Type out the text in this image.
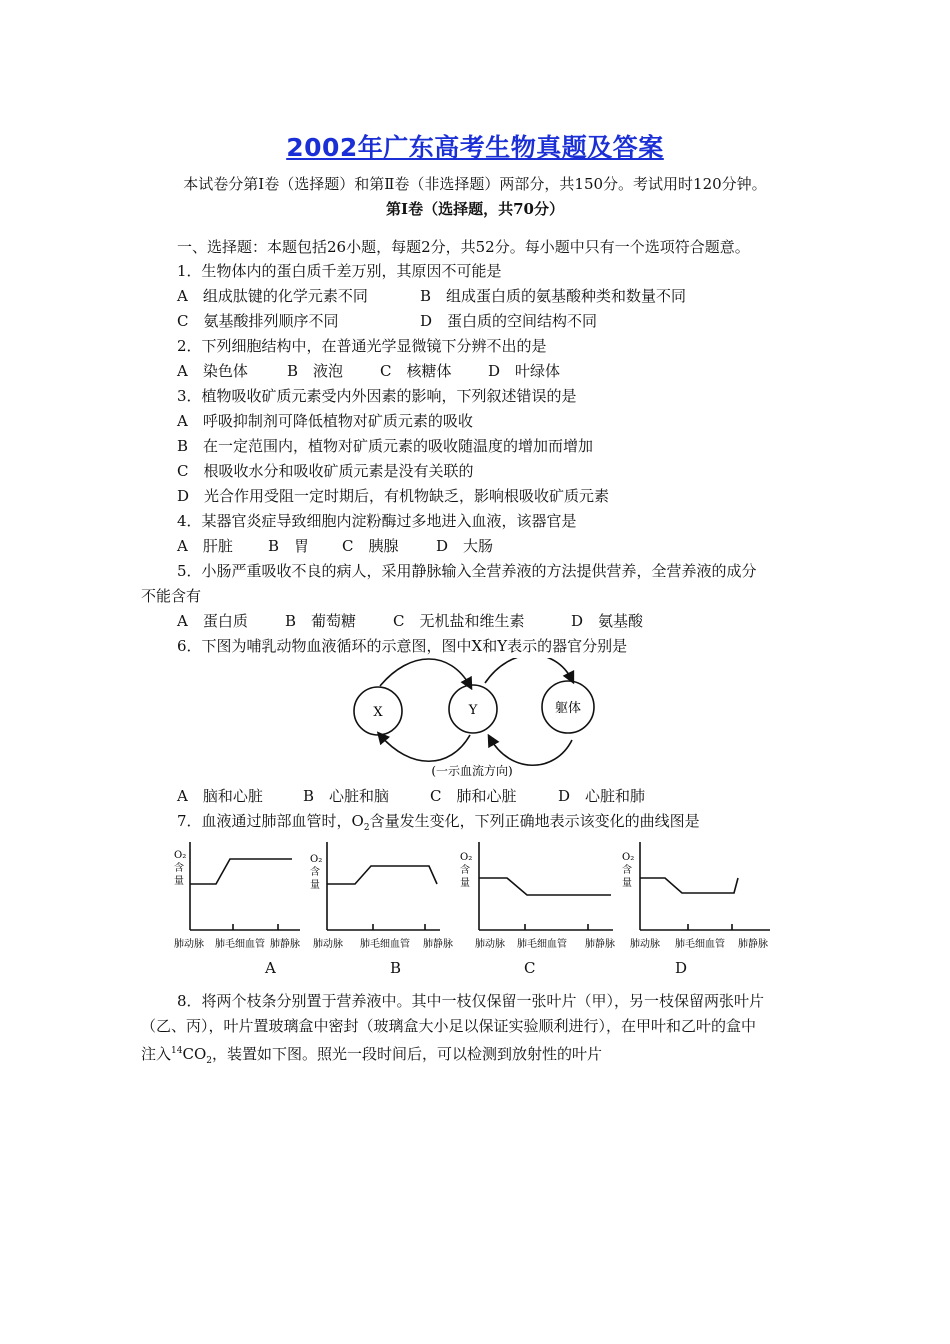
2002年广东高考生物真题及答案
本试卷分第Ⅰ卷（选择题）和第Ⅱ卷（非选择题）两部分，共150分。考试用时120分钟。
第Ⅰ卷（选择题，共70分）
一、选择题：本题包括26小题，每题2分，共52分。每小题中只有一个选项符合题意。
1．生物体内的蛋白质千差万别，其原因不可能是
A　组成肽键的化学元素不同	B　组成蛋白质的氨基酸种类和数量不同
C　氨基酸排列顺序不同	D　蛋白质的空间结构不同
2．下列细胞结构中，在普通光学显微镜下分辨不出的是
A　染色体	B　液泡 C　核糖体 D　叶绿体
3．植物吸收矿质元素受内外因素的影响，下列叙述错误的是
A　呼吸抑制剂可降低植物对矿质元素的吸收
B　在一定范围内，植物对矿质元素的吸收随温度的增加而增加
C　根吸收水分和吸收矿质元素是没有关联的
D　光合作用受阻一定时期后，有机物缺乏，影响根吸收矿质元素
4．某器官炎症导致细胞内淀粉酶过多地进入血液，该器官是
A　肝脏 B　胃 C　胰腺	D　大肠
5．小肠严重吸收不良的病人，采用静脉输入全营养液的方法提供营养，全营养液的成分
不能含有
A　蛋白质 B　葡萄糖 C　无机盐和维生素	D　氨基酸
6．下图为哺乳动物血液循环的示意图，图中X和Y表示的器官分别是
X	Y	躯体
(一示血流方向)
A　脑和心脏	B　心脏和脑	C　肺和心脏	D　心脏和肺
7．血液通过肺部血管时，$O_2$含量发生变化，下列正确地表示该变化的曲线图是
O₂
含
量
肺动脉 肺毛细血管 肺静脉
A
O₂
含
量
肺动脉 肺毛细血管 肺静脉
B
O₂
含
量
肺动脉 肺毛细血管 肺静脉
C
O₂
含
量
肺动脉 肺毛细血管 肺静脉
D
8．将两个枝条分别置于营养液中。其中一枝仅保留一张叶片（甲），另一枝保留两张叶片
（乙、丙），叶片置玻璃盒中密封（玻璃盒大小足以保证实验顺利进行），在甲叶和乙叶的盒中
注入$^{14}CO_2$，装置如下图。照光一段时间后，可以检测到放射性的叶片
